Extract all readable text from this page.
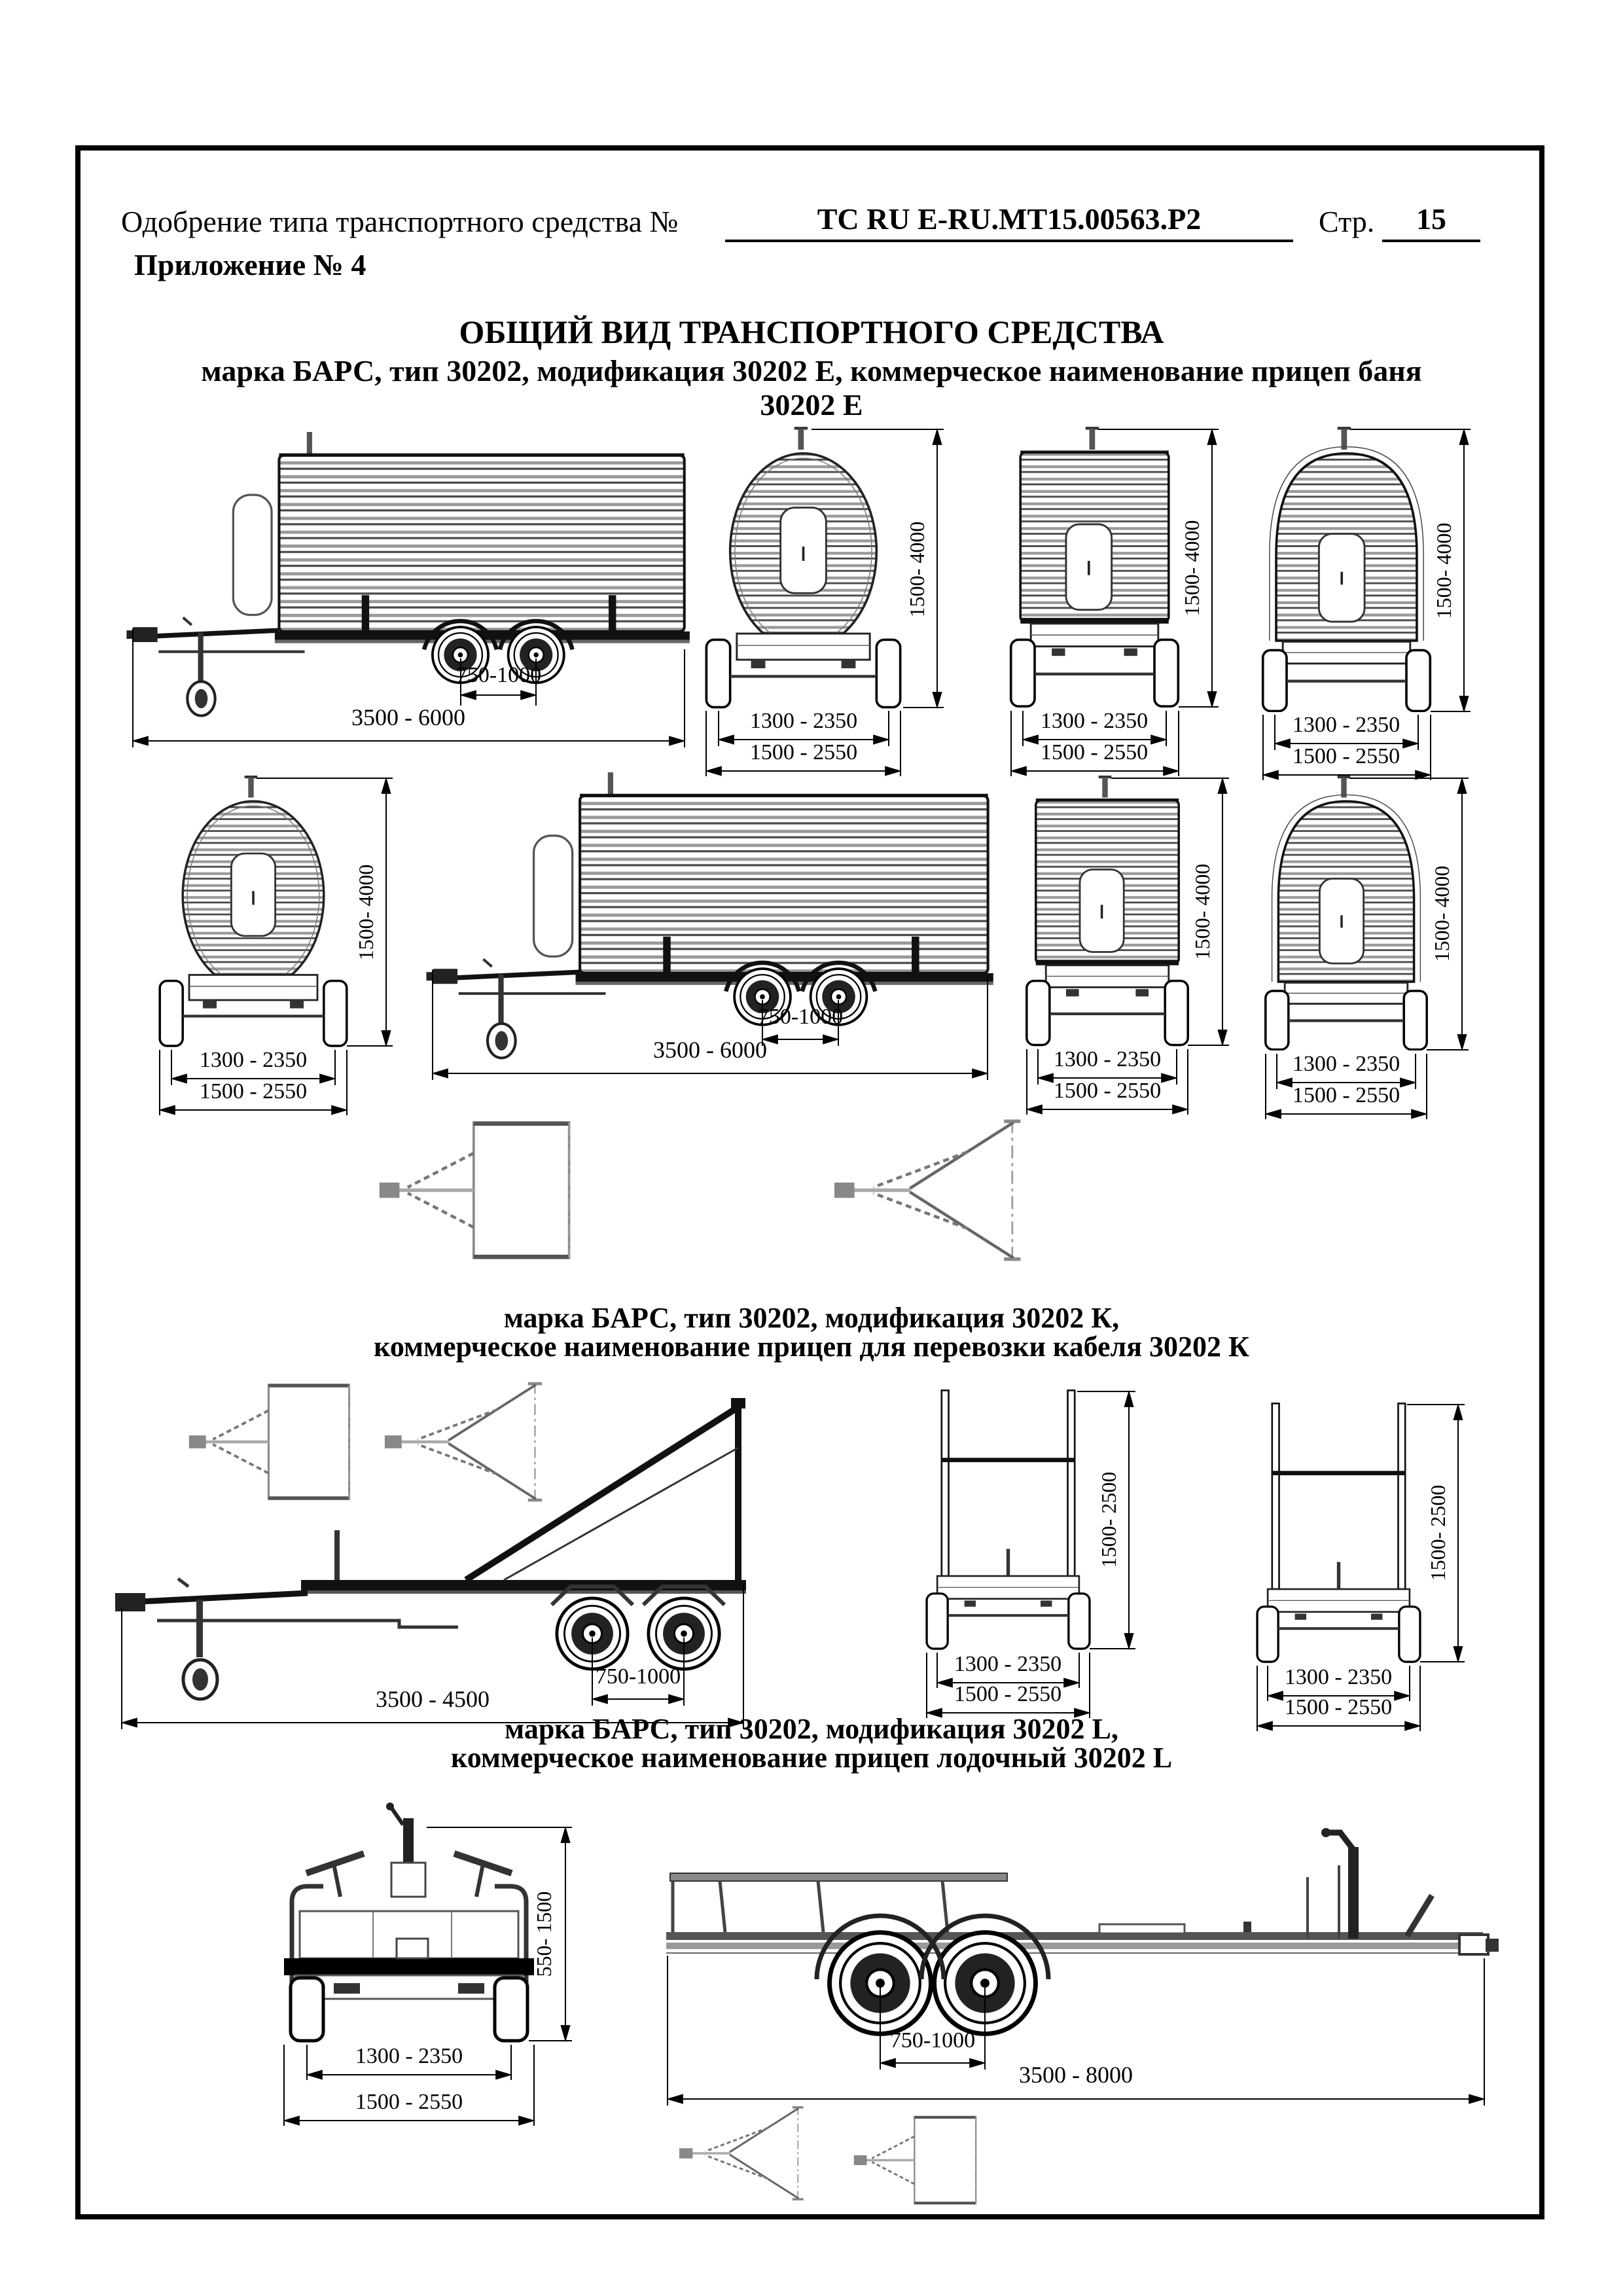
Одобрение типа транспортного средства №	ТС RU E-RU.MT15.00563.P2	Стр.	15
Приложение № 4
ОБЩИЙ ВИД ТРАНСПОРТНОГО СРЕДСТВА
марка БАРС, тип 30202, модификация 30202 Е, коммерческое наименование прицеп баня
30202 Е
марка БАРС, тип 30202, модификация 30202 К,
коммерческое наименование прицеп для перевозки кабеля 30202 К
марка БАРС, тип 30202, модификация 30202 L,
коммерческое наименование прицеп лодочный 30202 L
750-1000
3500 - 6000
1500- 4000
1300 - 2350
1500 - 2550
1500- 4000
1300 - 2350
1500 - 2550
1500- 4000
1300 - 2350
1500 - 2550
1500- 4000
1300 - 2350
1500 - 2550
750-1000
3500 - 6000
1500- 4000
1300 - 2350
1500 - 2550
1500- 4000
1300 - 2350
1500 - 2550
750-1000
3500 - 4500
1500- 2500
1300 - 2350
1500 - 2550
1500- 2500
1300 - 2350
1500 - 2550
550- 1500
1300 - 2350
1500 - 2550
750-1000
3500 - 8000
